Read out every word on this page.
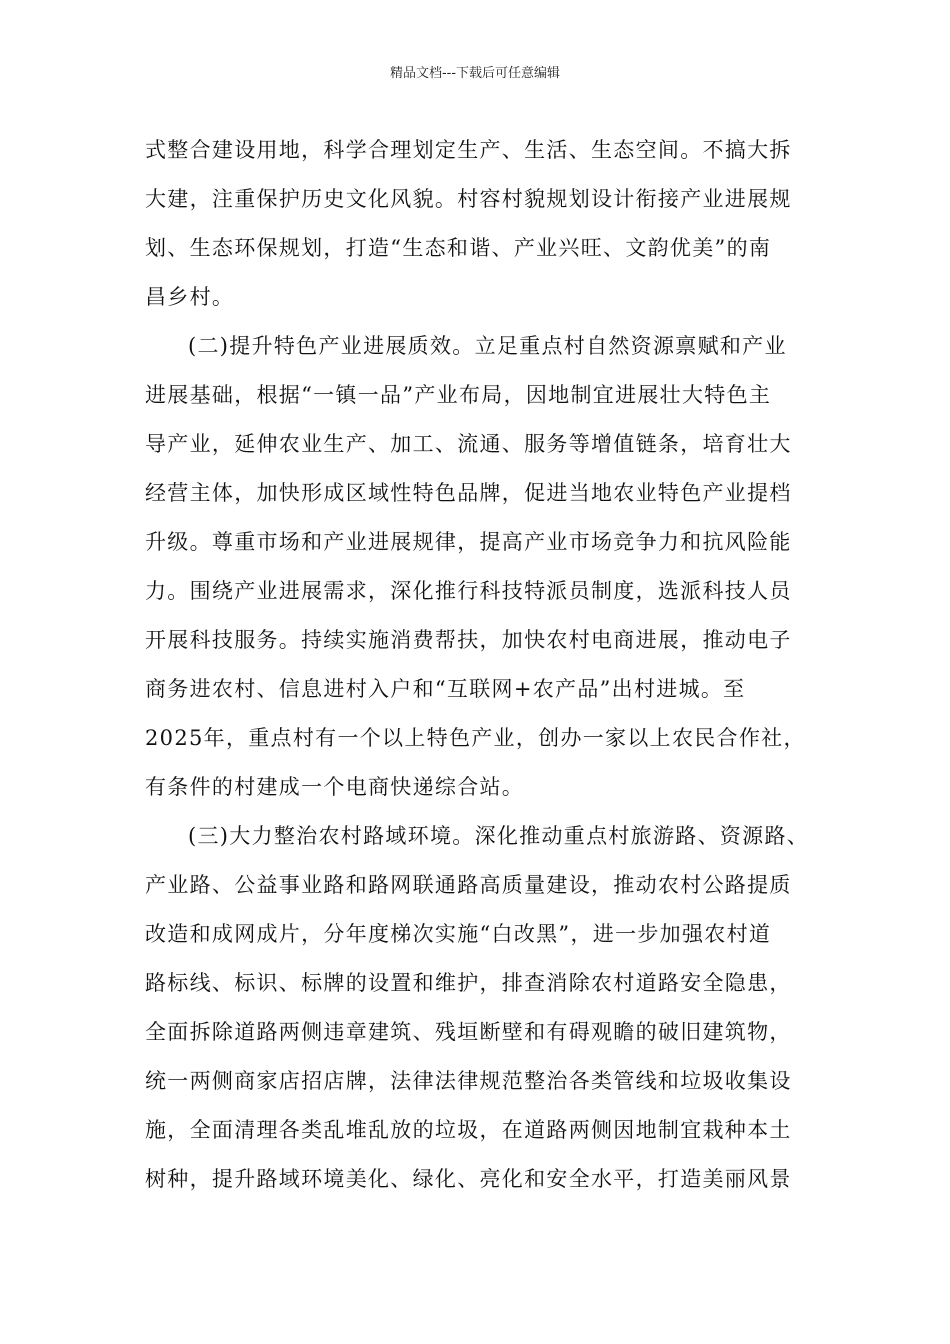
精品文档---下载后可任意编辑
式整合建设用地，科学合理划定生产、生活、生态空间。不搞大拆
大建，注重保护历史文化风貌。村容村貌规划设计衔接产业进展规
划、生态环保规划，打造“生态和谐、产业兴旺、文韵优美”的南
昌乡村。
(二)提升特色产业进展质效。立足重点村自然资源禀赋和产业
进展基础，根据“一镇一品”产业布局，因地制宜进展壮大特色主
导产业，延伸农业生产、加工、流通、服务等增值链条，培育壮大
经营主体，加快形成区域性特色品牌，促进当地农业特色产业提档
升级。尊重市场和产业进展规律，提高产业市场竞争力和抗风险能
力。围绕产业进展需求，深化推行科技特派员制度，选派科技人员
开展科技服务。持续实施消费帮扶，加快农村电商进展，推动电子
商务进农村、信息进村入户和“互联网+农产品”出村进城。至
2025年，重点村有一个以上特色产业，创办一家以上农民合作社，
有条件的村建成一个电商快递综合站。
(三)大力整治农村路域环境。深化推动重点村旅游路、资源路、
产业路、公益事业路和路网联通路高质量建设，推动农村公路提质
改造和成网成片，分年度梯次实施“白改黑”，进一步加强农村道
路标线、标识、标牌的设置和维护，排查消除农村道路安全隐患，
全面拆除道路两侧违章建筑、残垣断壁和有碍观瞻的破旧建筑物，
统一两侧商家店招店牌，法律法律规范整治各类管线和垃圾收集设
施，全面清理各类乱堆乱放的垃圾，在道路两侧因地制宜栽种本土
树种，提升路域环境美化、绿化、亮化和安全水平，打造美丽风景
